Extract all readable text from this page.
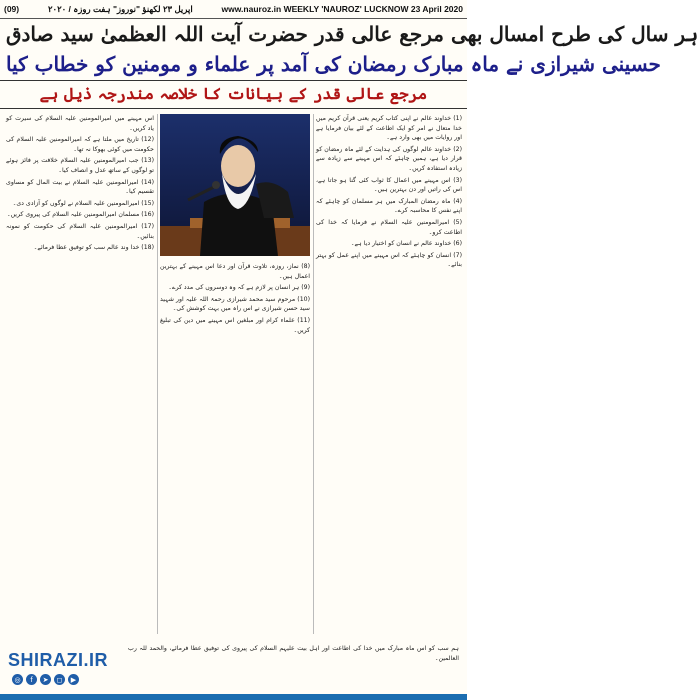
(09)	۲۰۲۰ / اپریل ۲۳ لکھنؤ "نوروز" ہفت روزہ	www.nauroz.in WEEKLY 'NAUROZ' LUCKNOW 23 April 2020
ہر سال کی طرح امسال بھی مرجع عالی قدر حضرت آیت اللہ العظمیٰ سید صادق
حسینی شیرازی نے ماہ مبارک رمضان کی آمد پر علماء و مومنین کو خطاب کیا
مرجع عالی قدر کے بیانات کا خلاصہ مندرجہ ذیل ہے

(1) خداوند عالم نے اپنی کتاب کریم یعنی قرآن کریم میں خدا متعال نے امر کو ایک اطاعت کے لئے بیان فرمایا ہے اور روایات میں بھی وارد ہے۔

(2) خداوند عالم لوگوں کی ہدایت کے لئے ماہ رمضان کو قرار دیا ہے، ہمیں چاہئے کہ اس مہینے سے زیادہ سے زیادہ استفادہ کریں۔

(3) اس مہینے میں اعمال کا ثواب کئی گنا ہو جاتا ہے، اس کی راتیں اور دن بہترین ہیں۔

(4) ماہ رمضان المبارک میں ہر مسلمان کو چاہئے کہ اپنے نفس کا محاسبہ کرے۔

(5) امیرالمومنین علیہ السلام نے فرمایا کہ خدا کی اطاعت کرو۔

(6) خداوند عالم نے انسان کو اختیار دیا ہے۔

(7) انسان کو چاہئے کہ اس مہینے میں اپنے عمل کو بہتر بنائے۔

(8) نماز، روزہ، تلاوت قرآن اور دعا اس مہینے کے بہترین اعمال ہیں۔

(9) ہر انسان پر لازم ہے کہ وہ دوسروں کی مدد کرے۔

(10) مرحوم سید محمد شیرازی رحمۃ اللہ علیہ اور شہید سید حسن شیرازی نے اس راہ میں بہت کوشش کی۔

(11) علماء کرام اور مبلغین اس مہینے میں دین کی تبلیغ کریں۔

اس مہینے میں امیرالمومنین علیہ السلام کی سیرت کو یاد کریں۔

(12) تاریخ میں ملتا ہے کہ امیرالمومنین علیہ السلام کی حکومت میں کوئی بھوکا نہ تھا۔

(13) جب امیرالمومنین علیہ السلام خلافت پر فائز ہوئے تو لوگوں کے ساتھ عدل و انصاف کیا۔

(14) امیرالمومنین علیہ السلام نے بیت المال کو مساوی تقسیم کیا۔

(15) امیرالمومنین علیہ السلام نے لوگوں کو آزادی دی۔

(16) مسلمان امیرالمومنین علیہ السلام کی پیروی کریں۔

(17) امیرالمومنین علیہ السلام کی حکومت کو نمونہ بنائیں۔

(18) خدا وند عالم سب کو توفیق عطا فرمائے۔

SHIRAZI.IR
◎	f	➤	◻	▶
ہم سب کو اس ماہ مبارک میں خدا کی اطاعت اور اہل بیت علیہم السلام کی پیروی کی توفیق عطا فرمائے، والحمد للہ رب العالمین۔
